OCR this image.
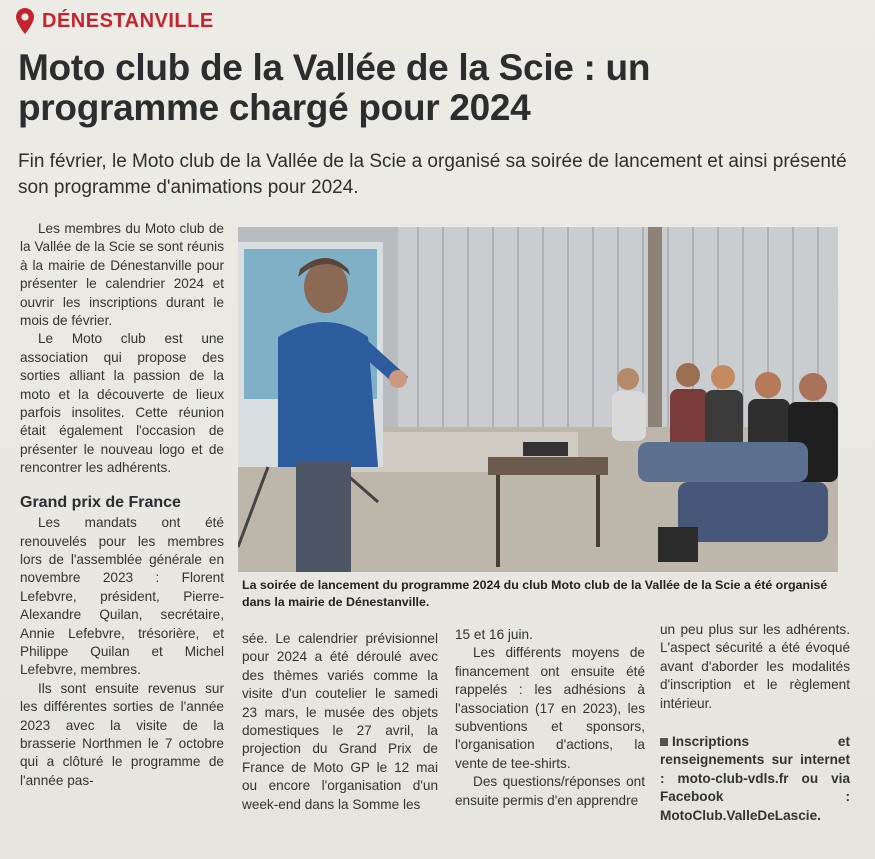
DÉNESTANVILLE
Moto club de la Vallée de la Scie : un programme chargé pour 2024

Fin février, le Moto club de la Vallée de la Scie a organisé sa soirée de lancement et ainsi présenté son programme d'animations pour 2024.

Les membres du Moto club de la Vallée de la Scie se sont réunis à la mairie de Dénestanville pour présenter le calendrier 2024 et ouvrir les inscriptions durant le mois de février.

Le Moto club est une association qui propose des sorties alliant la passion de la moto et la découverte de lieux parfois insolites. Cette réunion était également l'occasion de présenter le nouveau logo et de rencontrer les adhérents.

Grand prix de France

Les mandats ont été renouvelés pour les membres lors de l'assemblée générale en novembre 2023 : Florent Lefebvre, président, Pierre-Alexandre Quilan, secrétaire, Annie Lefebvre, trésorière, et Philippe Quilan et Michel Lefebvre, membres.

Ils sont ensuite revenus sur les différentes sorties de l'année 2023 avec la visite de la brasserie Northmen le 7 octobre qui a clôturé le programme de l'année pas-

La soirée de lancement du programme 2024 du club Moto club de la Vallée de la Scie a été organisé dans la mairie de Dénestanville.

sée. Le calendrier prévisionnel pour 2024 a été déroulé avec des thèmes variés comme la visite d'un coutelier le samedi 23 mars, le musée des objets domestiques le 27 avril, la projection du Grand Prix de France de Moto GP le 12 mai ou encore l'organisation d'un week-end dans la Somme les

15 et 16 juin.

Les différents moyens de financement ont ensuite été rappelés : les adhésions à l'association (17 en 2023), les subventions et sponsors, l'organisation d'actions, la vente de tee-shirts.

Des questions/réponses ont ensuite permis d'en apprendre

un peu plus sur les adhérents. L'aspect sécurité a été évoqué avant d'aborder les modalités d'inscription et le règlement intérieur.

Inscriptions et renseignements sur internet : moto-club-vdls.fr ou via Facebook : MotoClub.ValleDeLascie.
